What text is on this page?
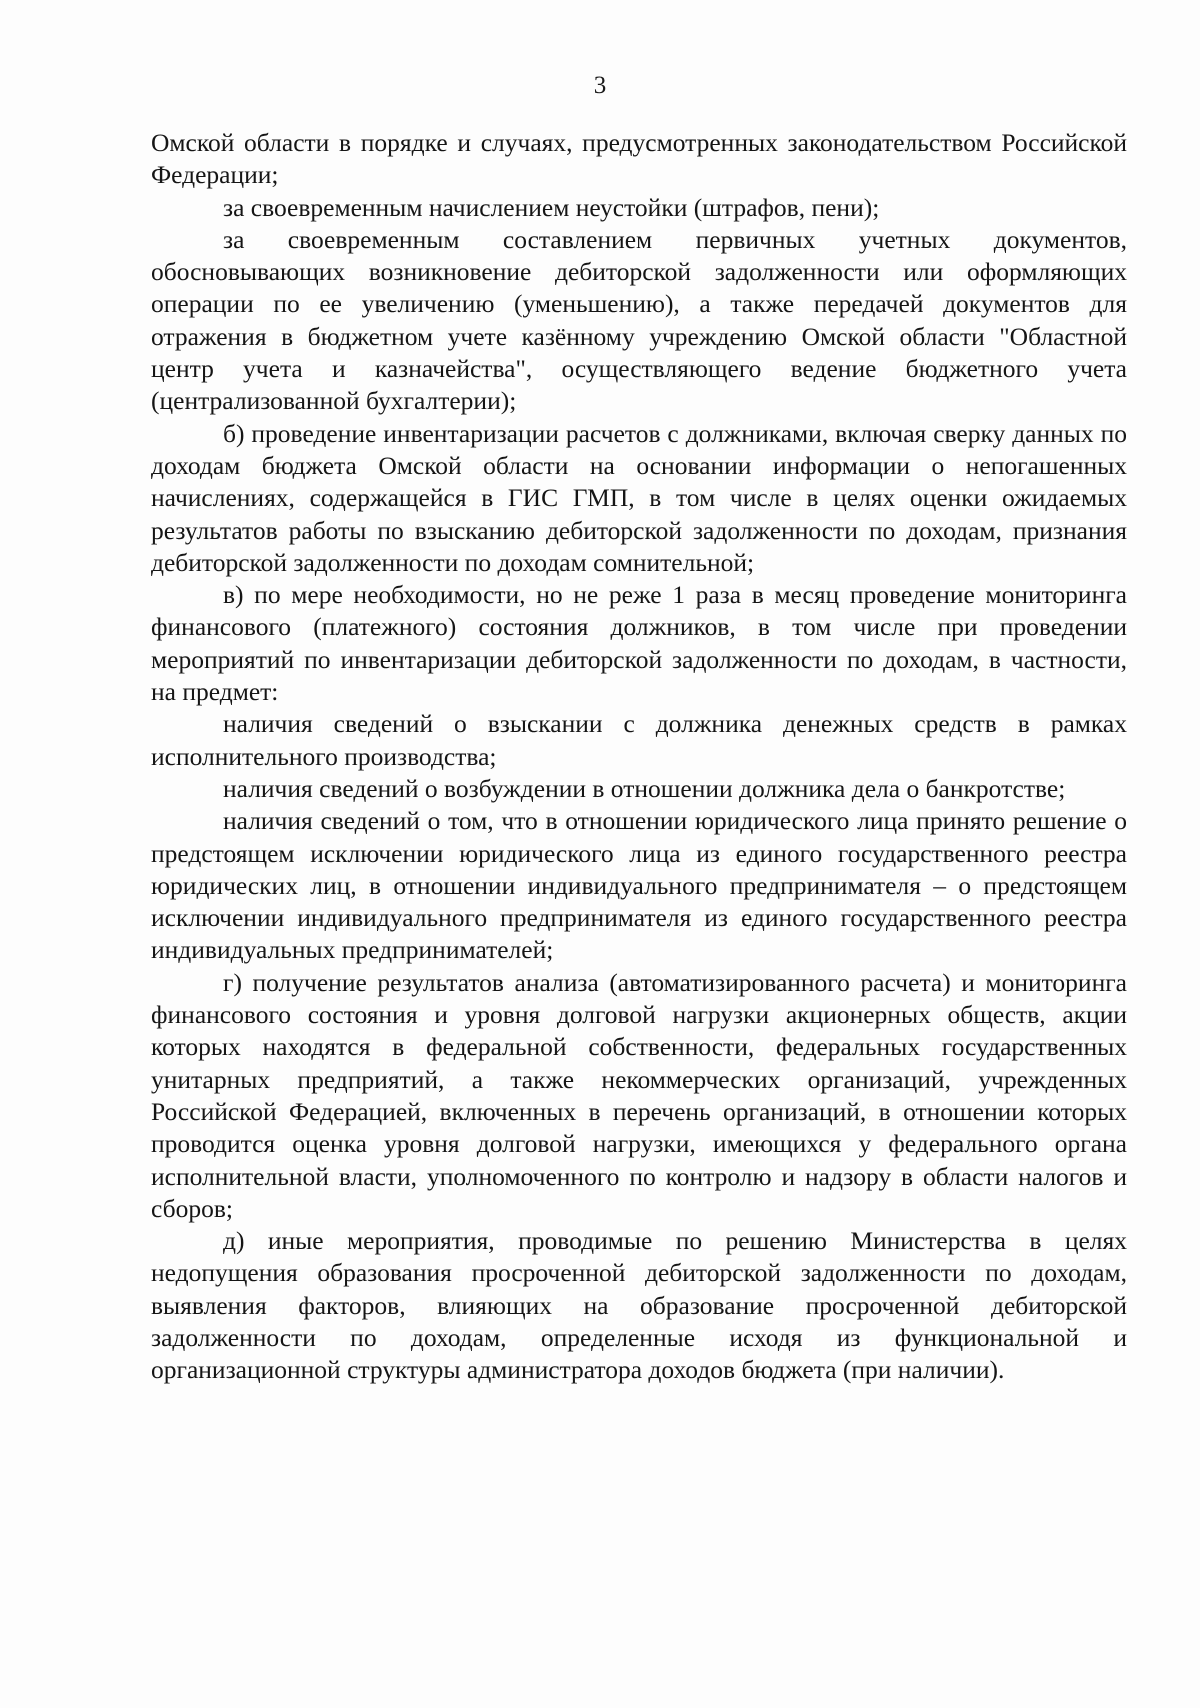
3

Омской области в порядке и случаях, предусмотренных законодательством Российской Федерации;

за своевременным начислением неустойки (штрафов, пени);

за своевременным составлением первичных учетных документов, обосновывающих возникновение дебиторской задолженности или оформляющих операции по ее увеличению (уменьшению), а также передачей документов для отражения в бюджетном учете казённому учреждению Омской области "Областной центр учета и казначейства", осуществляющего ведение бюджетного учета (централизованной бухгалтерии);

б) проведение инвентаризации расчетов с должниками, включая сверку данных по доходам бюджета Омской области на основании информации о непогашенных начислениях, содержащейся в ГИС ГМП, в том числе в целях оценки ожидаемых результатов работы по взысканию дебиторской задолженности по доходам, признания дебиторской задолженности по доходам сомнительной;

в) по мере необходимости, но не реже 1 раза в месяц проведение мониторинга финансового (платежного) состояния должников, в том числе при проведении мероприятий по инвентаризации дебиторской задолженности по доходам, в частности, на предмет:

наличия сведений о взыскании с должника денежных средств в рамках исполнительного производства;

наличия сведений о возбуждении в отношении должника дела о банкротстве;

наличия сведений о том, что в отношении юридического лица принято решение о предстоящем исключении юридического лица из единого государственного реестра юридических лиц, в отношении индивидуального предпринимателя – о предстоящем исключении индивидуального предпринимателя из единого государственного реестра индивидуальных предпринимателей;

г) получение результатов анализа (автоматизированного расчета) и мониторинга финансового состояния и уровня долговой нагрузки акционерных обществ, акции которых находятся в федеральной собственности, федеральных государственных унитарных предприятий, а также некоммерческих организаций, учрежденных Российской Федерацией, включенных в перечень организаций, в отношении которых проводится оценка уровня долговой нагрузки, имеющихся у федерального органа исполнительной власти, уполномоченного по контролю и надзору в области налогов и сборов;

д) иные мероприятия, проводимые по решению Министерства в целях недопущения образования просроченной дебиторской задолженности по доходам, выявления факторов, влияющих на образование просроченной дебиторской задолженности по доходам, определенные исходя из функциональной и организационной структуры администратора доходов бюджета (при наличии).
